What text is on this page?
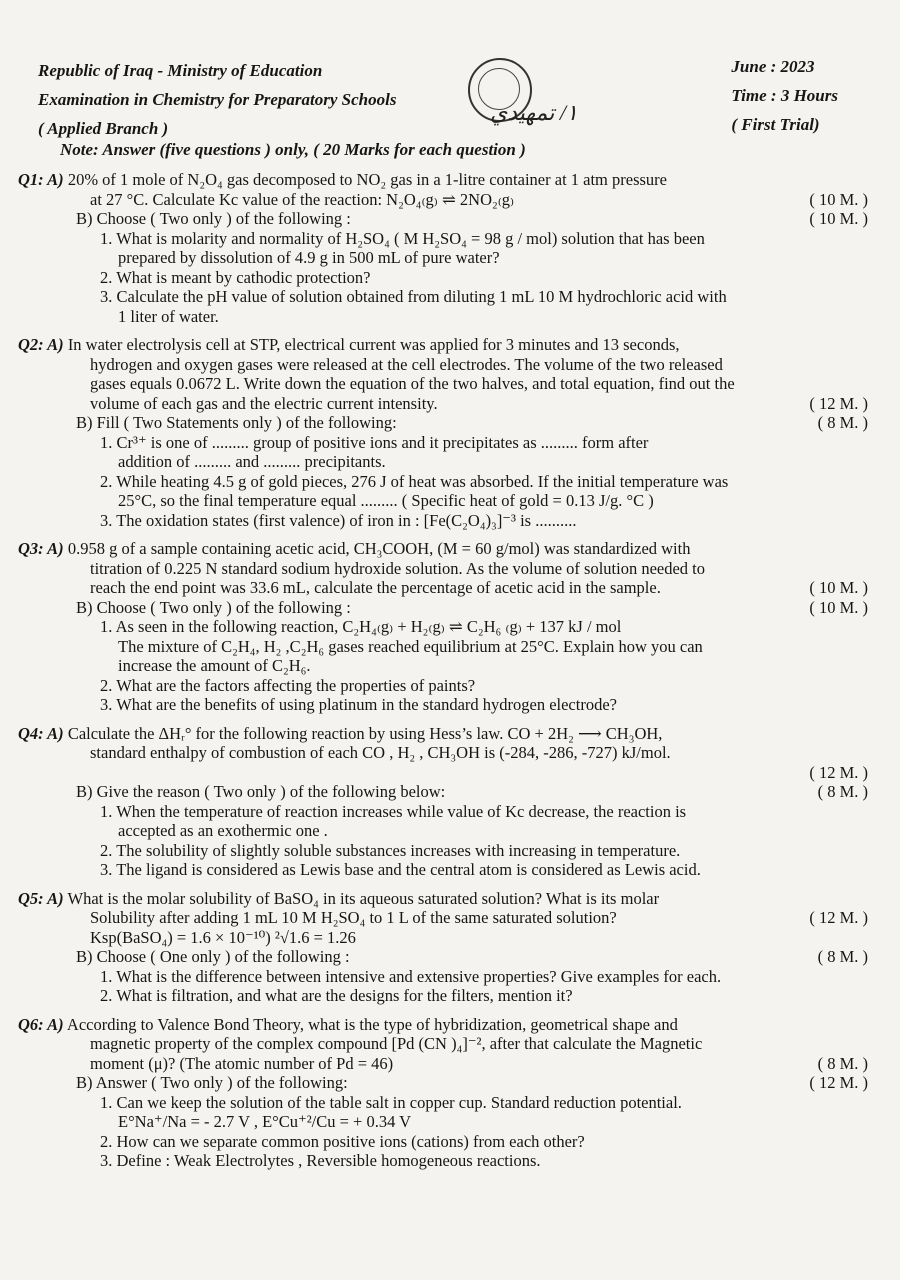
Republic of Iraq - Ministry of Education
Examination in Chemistry for Preparatory Schools
( Applied Branch )
١/ تمهيدي
June : 2023
Time : 3 Hours
( First Trial)
Note: Answer (five questions ) only, ( 20 Marks for each question )
Q1: A) 20% of 1 mole of N₂O₄ gas decomposed to NO₂ gas in a 1-litre container at 1 atm pressure
at 27 °C. Calculate Kc value of the reaction: N₂O₄₍g₎ ⇌ 2NO₂₍g₎	( 10 M. )
B) Choose ( Two only ) of the following :	( 10 M. )
1. What is molarity and normality of H₂SO₄ ( M H₂SO₄ = 98 g / mol) solution that has been
prepared by dissolution of 4.9 g in 500 mL of pure water?
2. What is meant by cathodic protection?
3. Calculate the pH value of solution obtained from diluting 1 mL 10 M hydrochloric acid with
1 liter of water.
Q2: A) In water electrolysis cell at STP, electrical current was applied for 3 minutes and 13 seconds,
hydrogen and oxygen gases were released at the cell electrodes. The volume of the two released
gases equals 0.0672 L. Write down the equation of the two halves, and total equation, find out the
volume of each gas and the electric current intensity.	( 12 M. )
B) Fill ( Two Statements only ) of the following:	( 8 M. )
1. Cr³⁺ is one of ......... group of positive ions and it precipitates as ......... form after
addition of ......... and ......... precipitants.
2. While heating 4.5 g of gold pieces, 276 J of heat was absorbed. If the initial temperature was
25°C, so the final temperature equal ......... ( Specific heat of gold = 0.13 J/g. °C )
3. The oxidation states (first valence) of iron in : [Fe(C₂O₄)₃]⁻³ is ..........
Q3: A) 0.958 g of a sample containing acetic acid, CH₃COOH, (M = 60 g/mol) was standardized with
titration of 0.225 N standard sodium hydroxide solution. As the volume of solution needed to
reach the end point was 33.6 mL, calculate the percentage of acetic acid in the sample.	( 10 M. )
B) Choose ( Two only ) of the following :	( 10 M. )
1. As seen in the following reaction, C₂H₄₍g₎ + H₂₍g₎ ⇌ C₂H₆ ₍g₎ + 137 kJ / mol
The mixture of C₂H₄, H₂ ,C₂H₆ gases reached equilibrium at 25°C. Explain how you can
increase the amount of C₂H₆.
2. What are the factors affecting the properties of paints?
3. What are the benefits of using platinum in the standard hydrogen electrode?
Q4: A) Calculate the ΔHᵣ° for the following reaction by using Hess’s law. CO + 2H₂ ⟶ CH₃OH,
standard enthalpy of combustion of each CO , H₂ , CH₃OH is (-284, -286, -727) kJ/mol.
( 12 M. )
B) Give the reason ( Two only ) of the following below:	( 8 M. )
1. When the temperature of reaction increases while value of Kc decrease, the reaction is
accepted as an exothermic one .
2. The solubility of slightly soluble substances increases with increasing in temperature.
3. The ligand is considered as Lewis base and the central atom is considered as Lewis acid.
Q5: A) What is the molar solubility of BaSO₄ in its aqueous saturated solution? What is its molar
Solubility after adding 1 mL 10 M H₂SO₄ to 1 L of the same saturated solution?	( 12 M. )
Ksp(BaSO₄) = 1.6 × 10⁻¹⁰) ²√1.6 = 1.26
B) Choose ( One only ) of the following :	( 8 M. )
1. What is the difference between intensive and extensive properties? Give examples for each.
2. What is filtration, and what are the designs for the filters, mention it?
Q6: A) According to Valence Bond Theory, what is the type of hybridization, geometrical shape and
magnetic property of the complex compound [Pd (CN )₄]⁻², after that calculate the Magnetic
moment (μ)? (The atomic number of Pd = 46)	( 8 M. )
B) Answer ( Two only ) of the following:	( 12 M. )
1. Can we keep the solution of the table salt in copper cup. Standard reduction potential.
E°Na⁺/Na = - 2.7 V , E°Cu⁺²/Cu = + 0.34 V
2. How can we separate common positive ions (cations) from each other?
3. Define : Weak Electrolytes , Reversible homogeneous reactions.
